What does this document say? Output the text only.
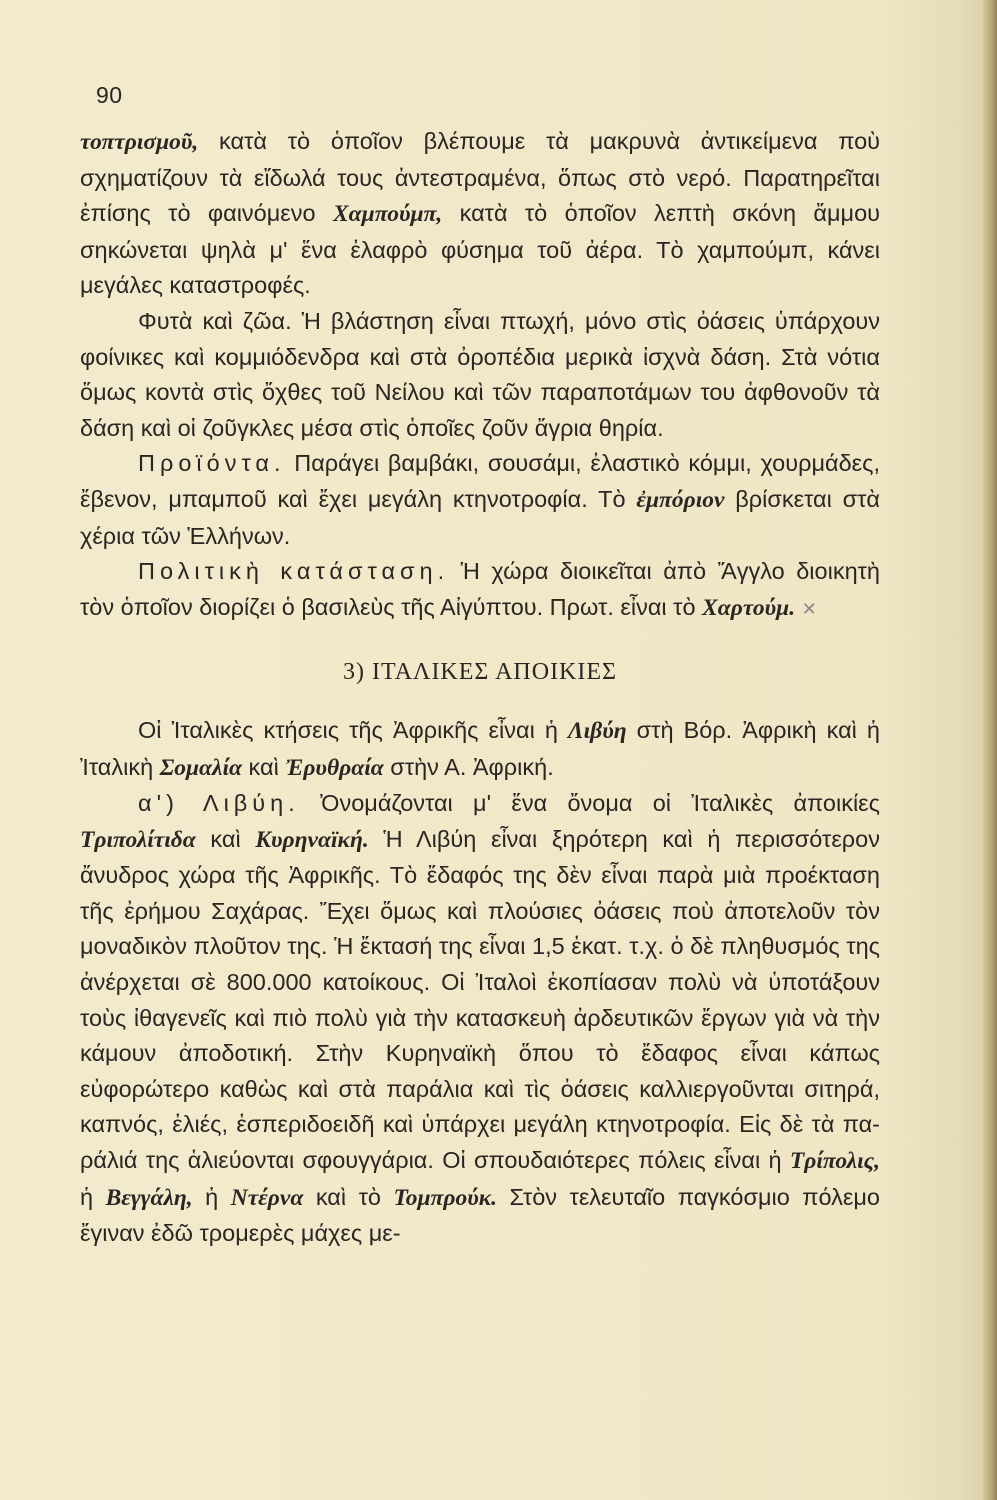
90

τοπτρισμοῦ, κατὰ τὸ ὁποῖον βλέπουμε τὰ μακρυνὰ ἀντικείμενα ποὺ σχηματίζουν τὰ εἴδωλά τους ἀντεστραμένα, ὅπως στὸ νερό. Παρατηρεῖται ἐπίσης τὸ φαινόμενο Χαμπούμπ, κατὰ τὸ ὁποῖον λεπτὴ σκόνη ἄμμου σηκώνεται ψηλὰ μ' ἕνα ἐλαφρὸ φύσημα τοῦ ἀέρα. Τὸ χαμπούμπ, κάνει μεγάλες καταστροφές.

Φυτὰ καὶ ζῶα. Ἡ βλάστηση εἶναι πτωχή, μόνο στὶς ὀάσεις ὑπάρχουν φοίνικες καὶ κομμιόδενδρα καὶ στὰ ὀροπέδια μερικὰ ἰσχνὰ δάση. Στὰ νότια ὅμως κοντὰ στὶς ὄχθες τοῦ Νείλου καὶ τῶν παραποτάμων του ἀφθονοῦν τὰ δάση καὶ οἱ ζοῦγκλες μέσα στὶς ὁποῖες ζοῦν ἄγρια θηρία.

Προϊόντα. Παράγει βαμβάκι, σουσάμι, ἐλαστικὸ κόμμι, χουρμάδες, ἔβενον, μπαμποῦ καὶ ἔχει μεγάλη κτηνοτροφία. Τὸ ἐμπόριον βρίσκεται στὰ χέρια τῶν Ἑλλήνων.

Πολιτικὴ κατάσταση. Ἡ χώρα διοικεῖται ἀπὸ Ἄγγλο διοικητὴ τὸν ὁποῖον διορίζει ὁ βασιλεὺς τῆς Αἰγύπτου. Πρωτ. εἶναι τὸ Χαρτούμ. ✕

3) ΙΤΑΛΙΚΕΣ ΑΠΟΙΚΙΕΣ

Οἱ Ἰταλικὲς κτήσεις τῆς Ἀφρικῆς εἶναι ἡ Λιβύη στὴ Βόρ. Ἀφρικὴ καὶ ἡ Ἰταλικὴ Σομαλία καὶ Ἐρυθραία στὴν Α. Ἀφρική.

α') Λιβύη. Ὀνομάζονται μ' ἕνα ὄνομα οἱ Ἰταλικὲς ἀποικίες Τριπολίτιδα καὶ Κυρηναϊκή. Ἡ Λιβύη εἶναι ξηρότερη καὶ ἡ περισσότερον ἄνυδρος χώρα τῆς Ἀφρικῆς. Τὸ ἔδαφός της δὲν εἶναι παρὰ μιὰ προέκταση τῆς ἐρήμου Σαχάρας. Ἔχει ὅμως καὶ πλούσιες ὀάσεις ποὺ ἀποτελοῦν τὸν μοναδικὸν πλοῦτον της. Ἡ ἔκτασή της εἶναι 1,5 ἑκατ. τ.χ. ὁ δὲ πληθυσμός της ἀνέρχεται σὲ 800.000 κατοίκους. Οἱ Ἰταλοὶ ἐκοπίασαν πολὺ νὰ ὑποτάξουν τοὺς ἰθαγενεῖς καὶ πιὸ πολὺ γιὰ τὴν κατασκευὴ ἀρδευτικῶν ἔργων γιὰ νὰ τὴν κάμουν ἀποδοτική. Στὴν Κυρηναϊκὴ ὅπου τὸ ἔδαφος εἶναι κάπως εὐφορώτερο καθὼς καὶ στὰ παράλια καὶ τὶς ὀάσεις καλλιεργοῦνται σιτηρά, καπνός, ἐλιές, ἑσπεριδοειδῆ καὶ ὑπάρχει μεγάλη κτηνοτροφία. Εἰς δὲ τὰ παράλιά της ἁλιεύονται σφουγγάρια. Οἱ σπουδαιότερες πόλεις εἶναι ἡ Τρίπολις, ἡ Βεγγάλη, ἡ Ντέρνα καὶ τὸ Τομπρούκ. Στὸν τελευταῖο παγκόσμιο πόλεμο ἔγιναν ἐδῶ τρομερὲς μάχες με-
